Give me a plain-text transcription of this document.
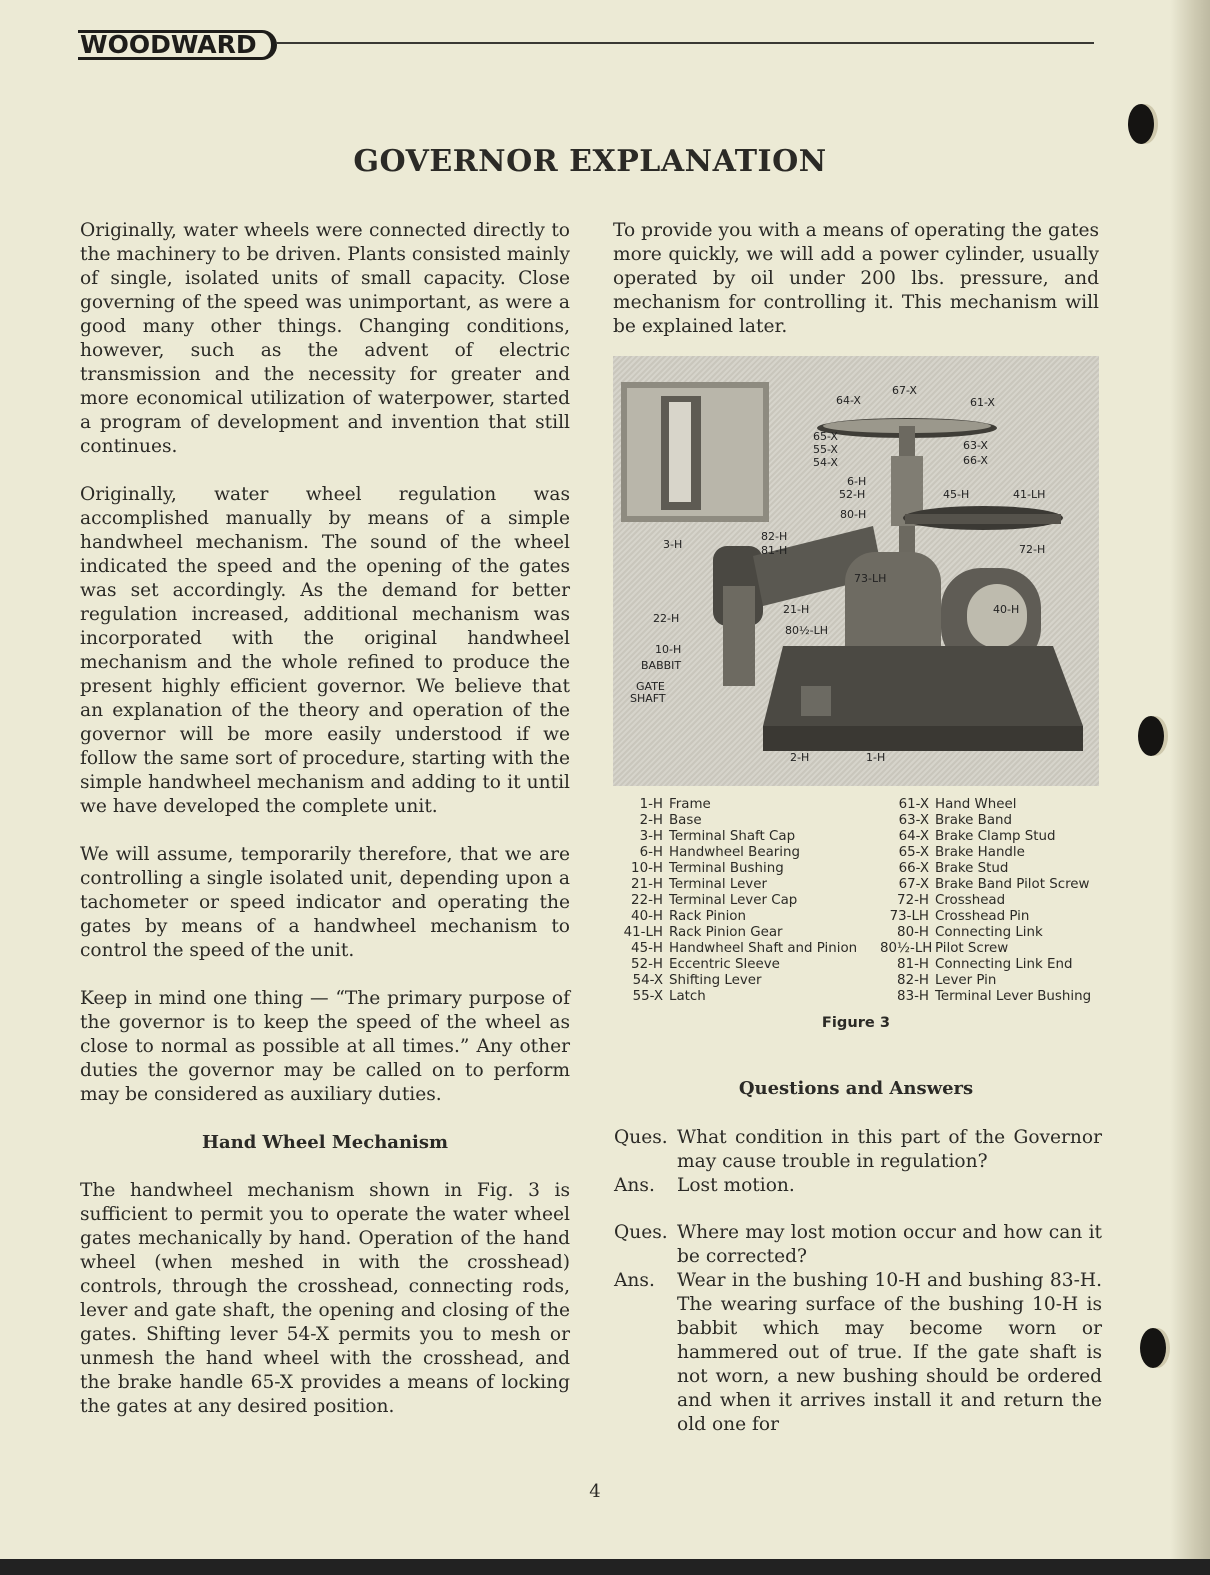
WOODWARD
GOVERNOR EXPLANATION

Originally, water wheels were connected directly to the machinery to be driven. Plants consisted mainly of single, isolated units of small capacity. Close governing of the speed was unimportant, as were a good many other things. Changing conditions, however, such as the advent of electric transmission and the necessity for greater and more economical utilization of waterpower, started a program of development and invention that still continues.

Originally, water wheel regulation was accomplished manually by means of a simple handwheel mechanism. The sound of the wheel indicated the speed and the opening of the gates was set accordingly. As the demand for better regulation increased, additional mechanism was incorporated with the original handwheel mechanism and the whole refined to produce the present highly efficient governor. We believe that an explanation of the theory and operation of the governor will be more easily understood if we follow the same sort of procedure, starting with the simple handwheel mechanism and adding to it until we have developed the complete unit.

We will assume, temporarily therefore, that we are controlling a single isolated unit, depending upon a tachometer or speed indicator and operating the gates by means of a handwheel mechanism to control the speed of the unit.

Keep in mind one thing — “The primary purpose of the governor is to keep the speed of the wheel as close to normal as possible at all times.” Any other duties the governor may be called on to perform may be considered as auxiliary duties.

Hand Wheel Mechanism

The handwheel mechanism shown in Fig. 3 is sufficient to permit you to operate the water wheel gates mechanically by hand. Operation of the hand wheel (when meshed in with the crosshead) controls, through the crosshead, connecting rods, lever and gate shaft, the opening and closing of the gates. Shifting lever 54-X permits you to mesh or unmesh the hand wheel with the crosshead, and the brake handle 65-X provides a means of locking the gates at any desired position.

To provide you with a means of operating the gates more quickly, we will add a power cylinder, usually operated by oil under 200 lbs. pressure, and mechanism for controlling it. This mechanism will be explained later.

67-X
64-X	61-X
65-X
55-X
54-X
63-X
66-X
6-H
52-H	45-H	41-LH
80-H
82-H
81-H
3-H	72-H
73-LH
21-H
80½-LH
40-H
22-H
10-H
BABBIT
GATE
SHAFT
2-H	1-H
1-H Frame
2-H Base
3-H Terminal Shaft Cap
6-H Handwheel Bearing
10-H Terminal Bushing
21-H Terminal Lever
22-H Terminal Lever Cap
40-H Rack Pinion
41-LH Rack Pinion Gear
45-H Handwheel Shaft and Pinion
52-H Eccentric Sleeve
54-X Shifting Lever
55-X Latch
61-X Hand Wheel
63-X Brake Band
64-X Brake Clamp Stud
65-X Brake Handle
66-X Brake Stud
67-X Brake Band Pilot Screw
72-H Crosshead
73-LH Crosshead Pin
80-H Connecting Link
80½-LH Pilot Screw
81-H Connecting Link End
82-H Lever Pin
83-H Terminal Lever Bushing
Figure 3
Questions and Answers
Ques. What condition in this part of the Governor may cause trouble in regulation?
Ans.	Lost motion.
Ques. Where may lost motion occur and how can it be corrected?
Ans.	Wear in the bushing 10-H and bushing 83-H. The wearing surface of the bushing 10-H is babbit which may become worn or hammered out of true. If the gate shaft is not worn, a new bushing should be ordered and when it arrives install it and return the old one for
4
